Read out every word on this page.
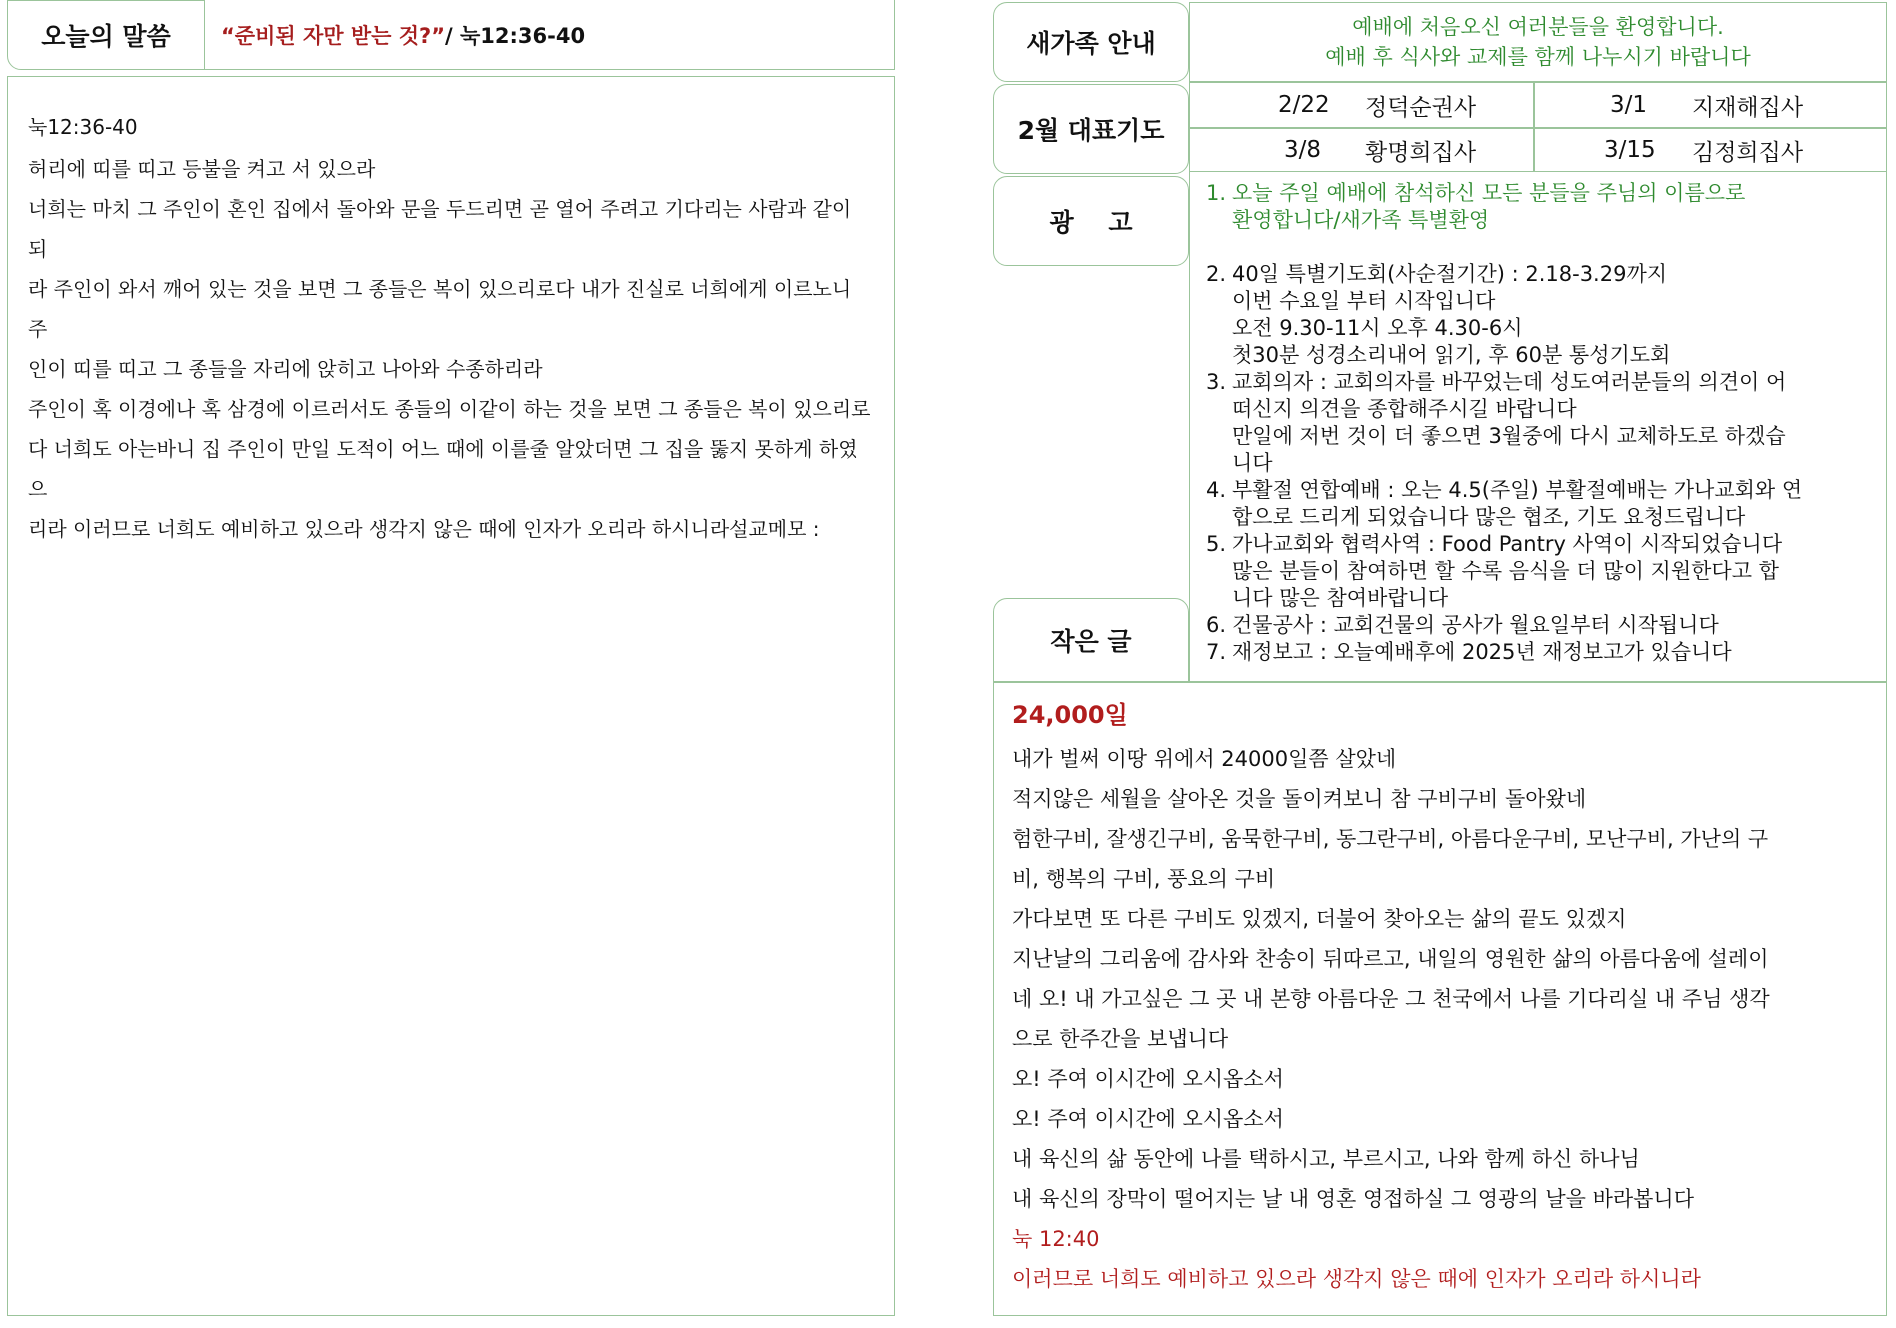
오늘의 말씀 “준비된 자만 받는 것?” / 눅12:36-40

눅12:36-40

허리에 띠를 띠고 등불을 켜고 서 있으라

너희는 마치 그 주인이 혼인 집에서 돌아와 문을 두드리면 곧 열어 주려고 기다리는 사람과 같이 되

라 주인이 와서 깨어 있는 것을 보면 그 종들은 복이 있으리로다 내가 진실로 너희에게 이르노니 주

인이 띠를 띠고 그 종들을 자리에 앉히고 나아와 수종하리라

주인이 혹 이경에나 혹 삼경에 이르러서도 종들의 이같이 하는 것을 보면 그 종들은 복이 있으리로

다 너희도 아는바니 집 주인이 만일 도적이 어느 때에 이를줄 알았더면 그 집을 뚫지 못하게 하였으

리라 이러므로 너희도 예비하고 있으라 생각지 않은 때에 인자가 오리라 하시니라설교메모 :

새가족 안내
예배에 처음오신 여러분들을 환영합니다.
예배 후 식사와 교제를 함께 나누시기 바랍니다
2월 대표기도
2/22 정덕순권사	3/1 지재해집사
3/8 황명희집사	3/15 김정희집사
광    고
1. 오늘 주일 예배에 참석하신 모든 분들을 주님의 이름으로
환영합니다/새가족 특별환영
2. 40일 특별기도회(사순절기간) : 2.18-3.29까지
이번 수요일 부터 시작입니다
오전 9.30-11시 오후 4.30-6시
첫30분 성경소리내어 읽기, 후 60분 통성기도회
3. 교회의자 : 교회의자를 바꾸었는데 성도여러분들의 의견이 어
떠신지 의견을 종합해주시길 바랍니다
만일에 저번 것이 더 좋으면 3월중에 다시 교체하도로 하겠습
니다
4. 부활절 연합예배 : 오는 4.5(주일) 부활절예배는 가나교회와 연
합으로 드리게 되었습니다 많은 협조, 기도 요청드립니다
5. 가나교회와 협력사역 : Food Pantry 사역이 시작되었습니다
많은 분들이 참여하면 할 수록 음식을 더 많이 지원한다고 합
니다 많은 참여바랍니다
6. 건물공사 : 교회건물의 공사가 월요일부터 시작됩니다
7. 재정보고 : 오늘예배후에 2025년 재정보고가 있습니다
작은 글
24,000일

내가 벌써 이땅 위에서 24000일쯤 살았네

적지않은 세월을 살아온 것을 돌이켜보니 참 구비구비 돌아왔네

험한구비, 잘생긴구비, 움묵한구비, 동그란구비, 아름다운구비, 모난구비, 가난의 구

비, 행복의 구비, 풍요의 구비

가다보면 또 다른 구비도 있겠지, 더불어 찾아오는 삶의 끝도 있겠지

지난날의 그리움에 감사와 찬송이 뒤따르고, 내일의 영원한 삶의 아름다움에 설레이

네 오! 내 가고싶은 그 곳 내 본향 아름다운 그 천국에서 나를 기다리실 내 주님 생각

으로 한주간을 보냅니다

오! 주여 이시간에 오시옵소서

오! 주여 이시간에 오시옵소서

내 육신의 삶 동안에 나를 택하시고, 부르시고, 나와 함께 하신 하나님

내 육신의 장막이 떨어지는 날 내 영혼 영접하실 그 영광의 날을 바라봅니다

눅 12:40

이러므로 너희도 예비하고 있으라 생각지 않은 때에 인자가 오리라 하시니라
